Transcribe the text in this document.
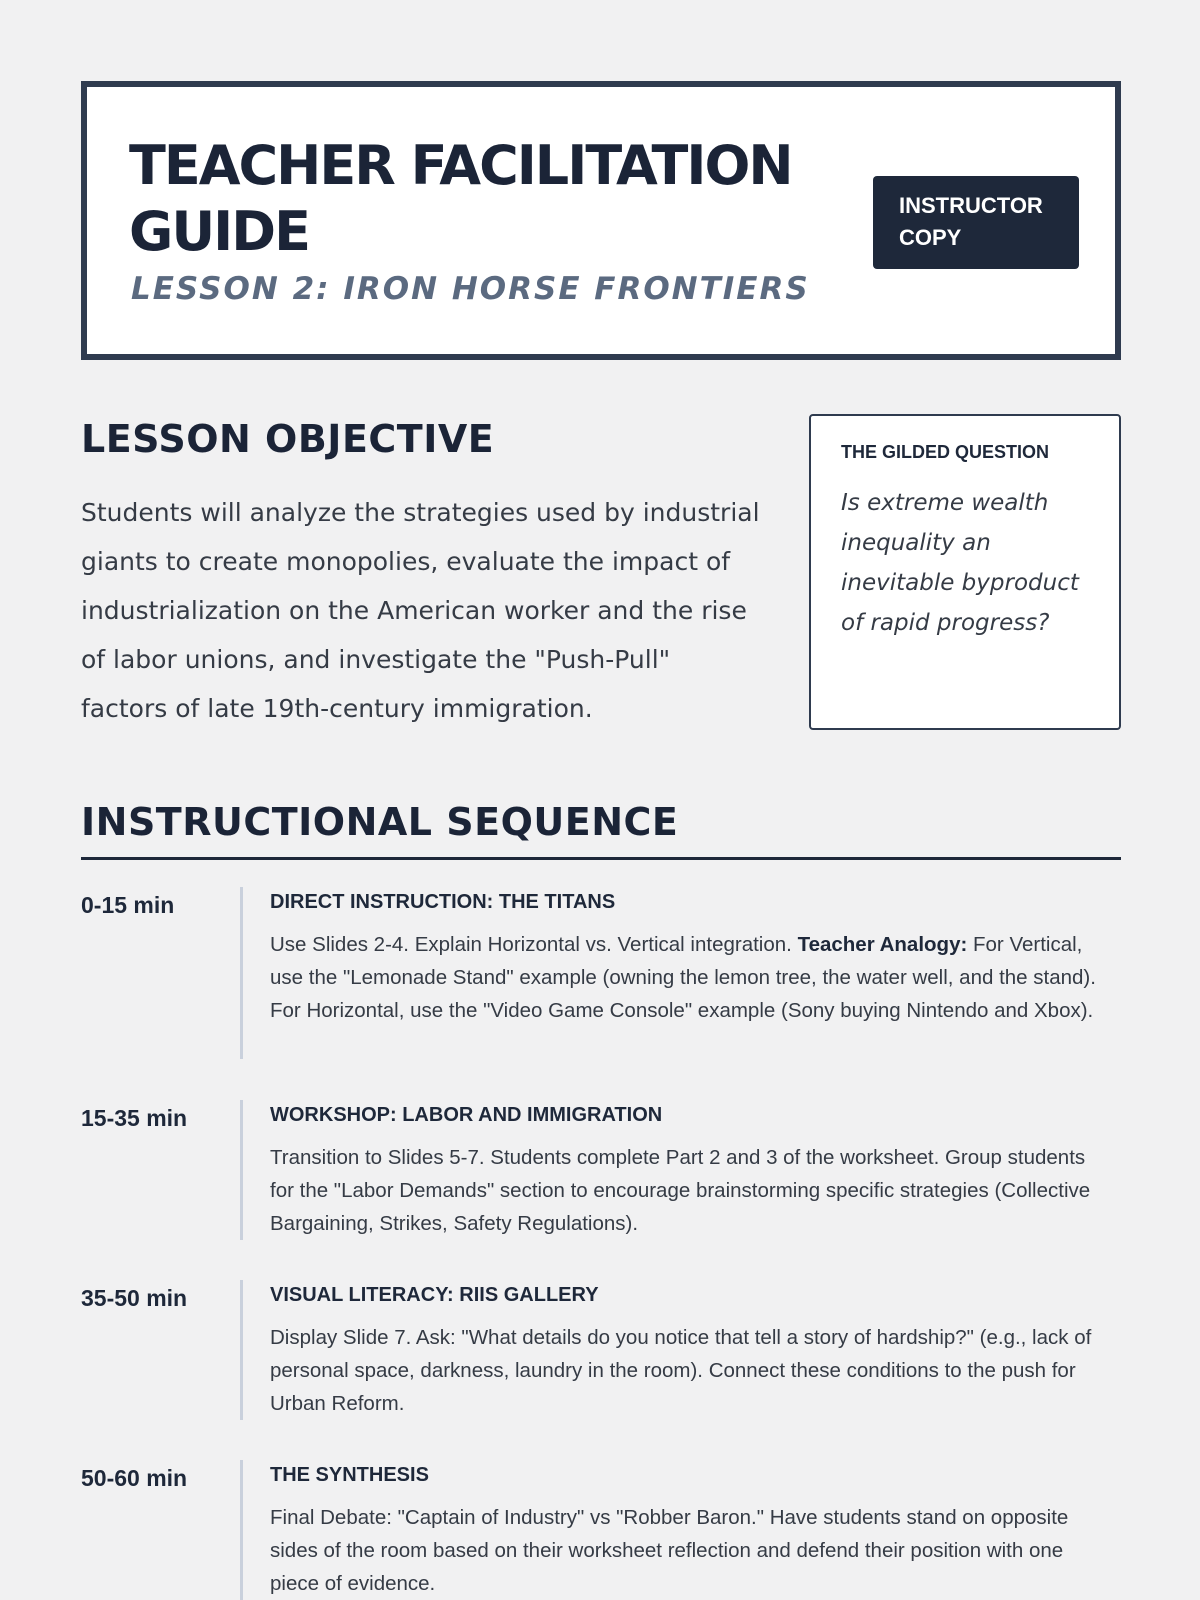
TEACHER FACILITATION GUIDE

LESSON 2: IRON HORSE FRONTIERS

INSTRUCTOR COPY
LESSON OBJECTIVE

Students will analyze the strategies used by industrial giants to create monopolies, evaluate the impact of industrialization on the American worker and the rise of labor unions, and investigate the "Push-Pull" factors of late 19th-century immigration.

THE GILDED QUESTION

Is extreme wealth inequality an inevitable byproduct of rapid progress?

INSTRUCTIONAL SEQUENCE

0-15 min	DIRECT INSTRUCTION: THE TITANS

Use Slides 2-4. Explain Horizontal vs. Vertical integration. Teacher Analogy: For Vertical, use the "Lemonade Stand" example (owning the lemon tree, the water well, and the stand). For Horizontal, use the "Video Game Console" example (Sony buying Nintendo and Xbox).

15-35 min	WORKSHOP: LABOR AND IMMIGRATION

Transition to Slides 5-7. Students complete Part 2 and 3 of the worksheet. Group students for the "Labor Demands" section to encourage brainstorming specific strategies (Collective Bargaining, Strikes, Safety Regulations).

35-50 min	VISUAL LITERACY: RIIS GALLERY

Display Slide 7. Ask: "What details do you notice that tell a story of hardship?" (e.g., lack of personal space, darkness, laundry in the room). Connect these conditions to the push for Urban Reform.

50-60 min	THE SYNTHESIS

Final Debate: "Captain of Industry" vs "Robber Baron." Have students stand on opposite sides of the room based on their worksheet reflection and defend their position with one piece of evidence.
